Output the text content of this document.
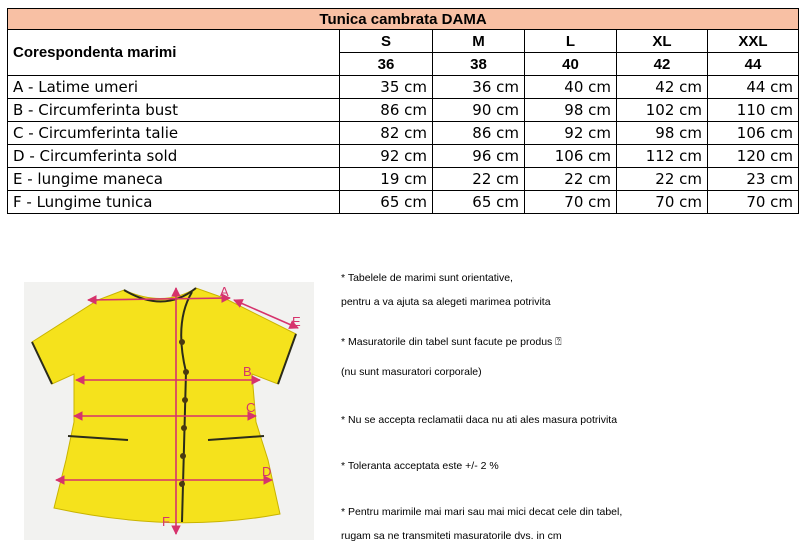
Tunica cambrata DAMA					
Corespondenta marimi	S	M	L	XL	XXL
	36	38	40	42	44
A - Latime umeri	35 cm	36 cm	40 cm	42 cm	44 cm
B - Circumferinta bust	86 cm	90 cm	98 cm	102 cm	110 cm
C - Circumferinta talie	82 cm	86 cm	92 cm	98 cm	106 cm
D - Circumferinta sold	92 cm	96 cm	106 cm	112 cm	120 cm
E - lungime maneca	19 cm	22 cm	22 cm	22 cm	23 cm
F - Lungime tunica	65 cm	65 cm	70 cm	70 cm	70 cm
A
E
B
C
D
F
* Tabelele de marimi sunt orientative,
pentru a va ajuta sa alegeti marimea potrivita
* Masuratorile din tabel sunt facute pe produs ⍰
(nu sunt masuratori corporale)
* Nu se accepta reclamatii daca nu ati ales masura potrivita
* Toleranta acceptata este +/- 2 %
* Pentru marimile mai mari sau mai mici decat cele din tabel,
rugam sa ne transmiteti masuratorile dvs. in cm
